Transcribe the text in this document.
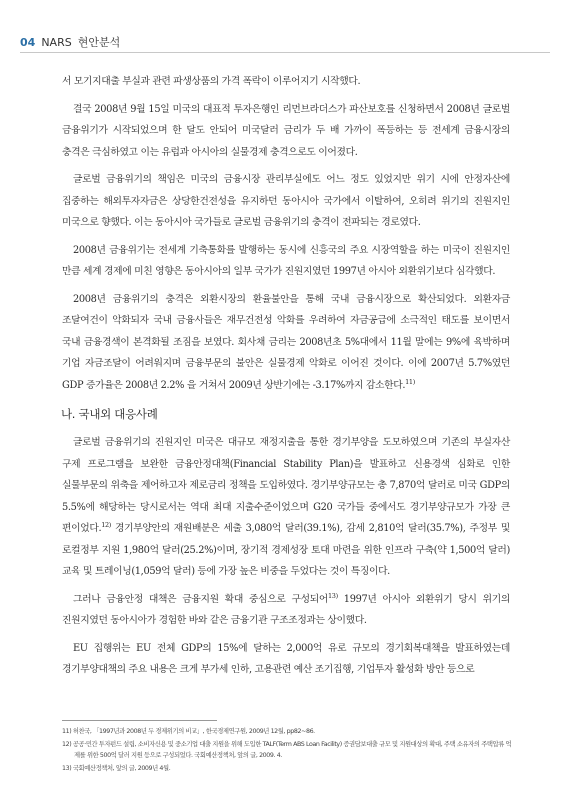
04 NARS 현안분석

서 모기지대출 부실과 관련 파생상품의 가격 폭락이 이루어지기 시작했다.

결국 2008년 9월 15일 미국의 대표적 투자은행인 리먼브라더스가 파산보호를 신청하면서 2008년 글로벌 금융위기가 시작되었으며 한 달도 안되어 미국달러 금리가 두 배 가까이 폭등하는 등 전세계 금융시장의 충격은 극심하였고 이는 유럽과 아시아의 실물경제 충격으로도 이어졌다.

글로벌 금융위기의 책임은 미국의 금융시장 관리부실에도 어느 정도 있었지만 위기 시에 안정자산에 집중하는 해외투자자금은 상당한건전성을 유지하던 동아시아 국가에서 이탈하여, 오히려 위기의 진원지인 미국으로 향했다. 이는 동아시아 국가들로 글로벌 금융위기의 충격이 전파되는 경로였다.

2008년 금융위기는 전세계 기축통화를 발행하는 동시에 신흥국의 주요 시장역할을 하는 미국이 진원지인 만큼 세계 경제에 미친 영향은 동아시아의 일부 국가가 진원지였던 1997년 아시아 외환위기보다 심각했다.

2008년 금융위기의 충격은 외환시장의 환율불안을 통해 국내 금융시장으로 확산되었다. 외환자금 조달여건이 악화되자 국내 금융사들은 재무건전성 악화를 우려하여 자금공급에 소극적인 태도를 보이면서 국내 금융경색이 본격화될 조짐을 보였다. 회사채 금리는 2008년초 5%대에서 11월 말에는 9%에 육박하며 기업 자금조달이 어려워지며 금융부문의 불안은 실물경제 악화로 이어진 것이다. 이에 2007년 5.7%였던 GDP 증가율은 2008년 2.2% 을 거쳐서 2009년 상반기에는 -3.17%까지 감소한다.$^{11)}$

나. 국내외 대응사례

글로벌 금융위기의 진원지인 미국은 대규모 재정지출을 통한 경기부양을 도모하였으며 기존의 부실자산 구제 프로그램을 보완한 금융안정대책(Financial Stability Plan)을 발표하고 신용경색 심화로 인한 실물부문의 위축을 제어하고자 제로금리 정책을 도입하였다. 경기부양규모는 총 7,870억 달러로 미국 GDP의 5.5%에 해당하는 당시로서는 역대 최대 지출수준이었으며 G20 국가들 중에서도 경기부양규모가 가장 큰 편이었다.$^{12)}$ 경기부양안의 재원배분은 세출 3,080억 달러(39.1%), 감세 2,810억 달러(35.7%), 주정부 및 로컬정부 지원 1,980억 달러(25.2%)이며, 장기적 경제성장 토대 마련을 위한 인프라 구축(약 1,500억 달러) 교육 및 트레이닝(1,059억 달러) 등에 가장 높은 비중을 두었다는 것이 특징이다.

그러나 금융안정 대책은 금융지원 확대 중심으로 구성되어$^{13)}$ 1997년 아시아 외환위기 당시 위기의 진원지였던 동아시아가 경험한 바와 같은 금융기관 구조조정과는 상이했다.

EU 집행위는 EU 전체 GDP의 15%에 달하는 2,000억 유로 규모의 경기회복대책을 발표하였는데 경기부양대책의 주요 내용은 크게 부가세 인하, 고용관련 예산 조기집행, 기업투자 활성화 방안 등으로

11) 허찬국, 「1997년과 2008년 두 경제위기의 비교」, 한국경제연구원, 2009년 12월, pp82~86.
12) 공공·민간 투자펀드 설립, 소비자신용 및 중소기업 대출 지원을 위해 도입한 TALF(Term ABS Loan Facility) 증권담보대출 규모 및 지원대상의 확대, 주택 소유자의 주택압류 억제를 위한 500억 달러 지원 등으로 구성되었다. 국회예산정책처, 앞의 글, 2009. 4.
13) 국회예산정책처, 앞의 글, 2009년 4월.
